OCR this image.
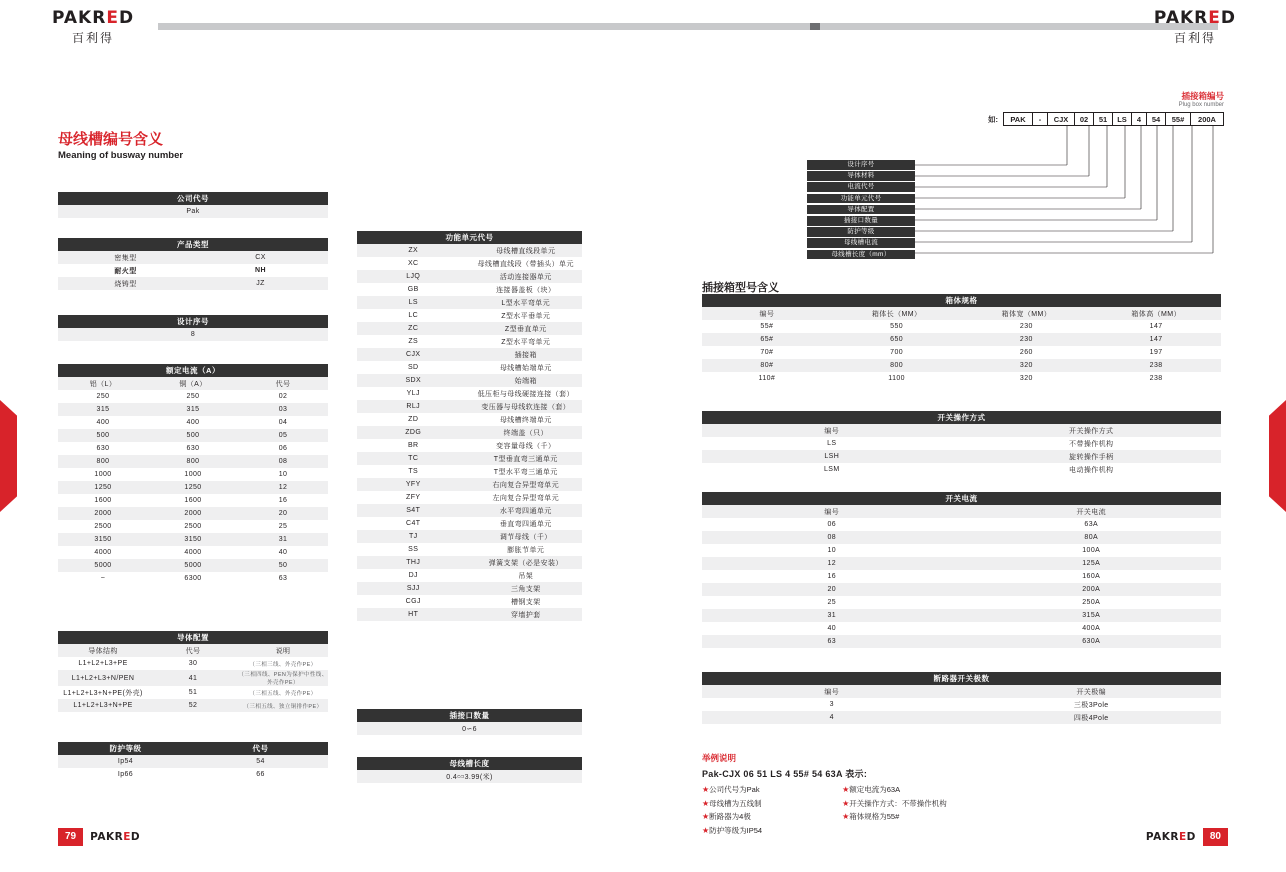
PAKRED
百利得
PAKRED
百利得
母线槽编号含义
Meaning of busway number
插接箱编号
Plug box number
如:	PAK	-	CJX	02	51	LS	4	54	55#	200A
设计序号
导体材料
电流代号
功能单元代号
导体配置
插接口数量
防护等级
母线槽电流
母线槽长度（mm）
插接箱型号含义
公司代号
Pak
产品类型	
密集型	CX
耐火型	NH
烧铸型	JZ
设计序号
8
额定电流（A）		
铝（L）	铜（A）	代号
250	250	02
315	315	03
400	400	04
500	500	05
630	630	06
800	800	08
1000	1000	10
1250	1250	12
1600	1600	16
2000	2000	20
2500	2500	25
3150	3150	31
4000	4000	40
5000	5000	50
~	6300	63
导体配置		
导体结构	代号	说明
L1+L2+L3+PE	30	（三相三线、外壳作PE）
L1+L2+L3+N/PEN	41	（三相四线、PEN为保护中性线、外壳作PE）
L1+L2+L3+N+PE(外壳)	51	（三相五线、外壳作PE）
L1+L2+L3+N+PE	52	（三相五线、独立铜排作PE）
防护等级	代号
Ip54	54
Ip66	66
功能单元代号	
ZX	母线槽直线段单元
XC	母线槽直线段（带插头）单元
LJQ	活动连接器单元
GB	连接器盖板（块）
LS	L型水平弯单元
LC	Z型水平垂单元
ZC	Z型垂直单元
ZS	Z型水平弯单元
CJX	插接箱
SD	母线槽始端单元
SDX	始端箱
YLJ	低压柜与母线硬接连接（套）
RLJ	变压器与母线软连接（套）
ZD	母线槽终端单元
ZDG	终端盖（只）
BR	变容量母线（千）
TC	T型垂直弯三通单元
TS	T型水平弯三通单元
YFY	右向复合异型弯单元
ZFY	左向复合异型弯单元
S4T	水平弯四通单元
C4T	垂直弯四通单元
TJ	调节母线（千）
SS	膨胀节单元
THJ	弹簧支架（必是安装）
DJ	吊架
SJJ	三角支架
CGJ	槽钢支架
HT	穿墙护套
插接口数量
0∽6
母线槽长度
0.4∽3.99(米)
箱体规格			
编号	箱体长（MM）	箱体宽（MM）	箱体高（MM）
55#	550	230	147
65#	650	230	147
70#	700	260	197
80#	800	320	238
110#	1100	320	238
开关操作方式	
编号	开关操作方式
LS	不带操作机构
LSH	旋转操作手柄
LSM	电动操作机构
开关电流	
编号	开关电流
06	63A
08	80A
10	100A
12	125A
16	160A
20	200A
25	250A
31	315A
40	400A
63	630A
断路器开关极数	
编号	开关极编
3	三极3Pole
4	四极4Pole
举例说明
Pak-CJX 06 51 LS 4 55# 54 63A 表示:
★公司代号为Pak
★母线槽为五线制
★断路器为4极
★防护等级为IP54

★额定电流为63A
★开关操作方式：不带操作机构
★箱体规格为55#
79	PAKRED	PAKRED	80
